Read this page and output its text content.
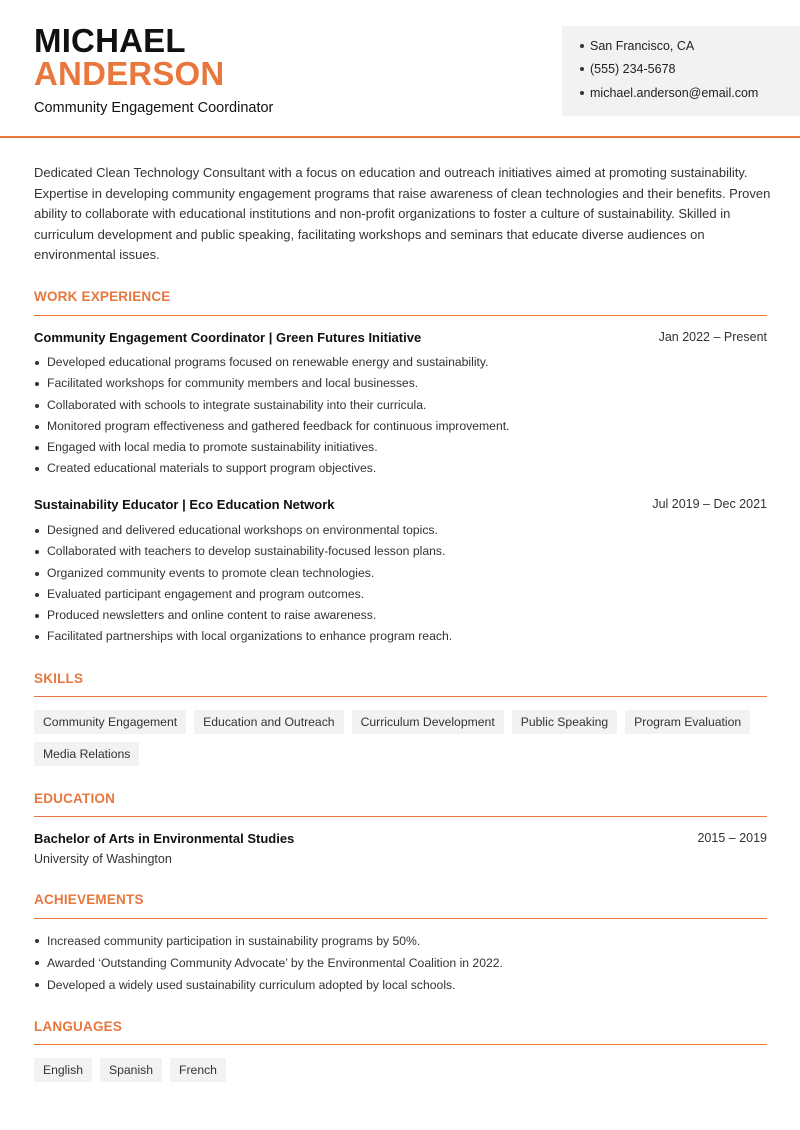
MICHAEL
ANDERSON
Community Engagement Coordinator
San Francisco, CA
(555) 234-5678
michael.anderson@email.com
Dedicated Clean Technology Consultant with a focus on education and outreach initiatives aimed at promoting sustainability. Expertise in developing community engagement programs that raise awareness of clean technologies and their benefits. Proven ability to collaborate with educational institutions and non-profit organizations to foster a culture of sustainability. Skilled in curriculum development and public speaking, facilitating workshops and seminars that educate diverse audiences on environmental issues.
WORK EXPERIENCE
Community Engagement Coordinator | Green Futures Initiative	Jan 2022 – Present
Developed educational programs focused on renewable energy and sustainability.
Facilitated workshops for community members and local businesses.
Collaborated with schools to integrate sustainability into their curricula.
Monitored program effectiveness and gathered feedback for continuous improvement.
Engaged with local media to promote sustainability initiatives.
Created educational materials to support program objectives.
Sustainability Educator | Eco Education Network	Jul 2019 – Dec 2021
Designed and delivered educational workshops on environmental topics.
Collaborated with teachers to develop sustainability-focused lesson plans.
Organized community events to promote clean technologies.
Evaluated participant engagement and program outcomes.
Produced newsletters and online content to raise awareness.
Facilitated partnerships with local organizations to enhance program reach.
SKILLS
Community Engagement	Education and Outreach	Curriculum Development	Public Speaking	Program Evaluation
Media Relations
EDUCATION
Bachelor of Arts in Environmental Studies	2015 – 2019
University of Washington
ACHIEVEMENTS
Increased community participation in sustainability programs by 50%.
Awarded ‘Outstanding Community Advocate’ by the Environmental Coalition in 2022.
Developed a widely used sustainability curriculum adopted by local schools.
LANGUAGES
English	Spanish	French
